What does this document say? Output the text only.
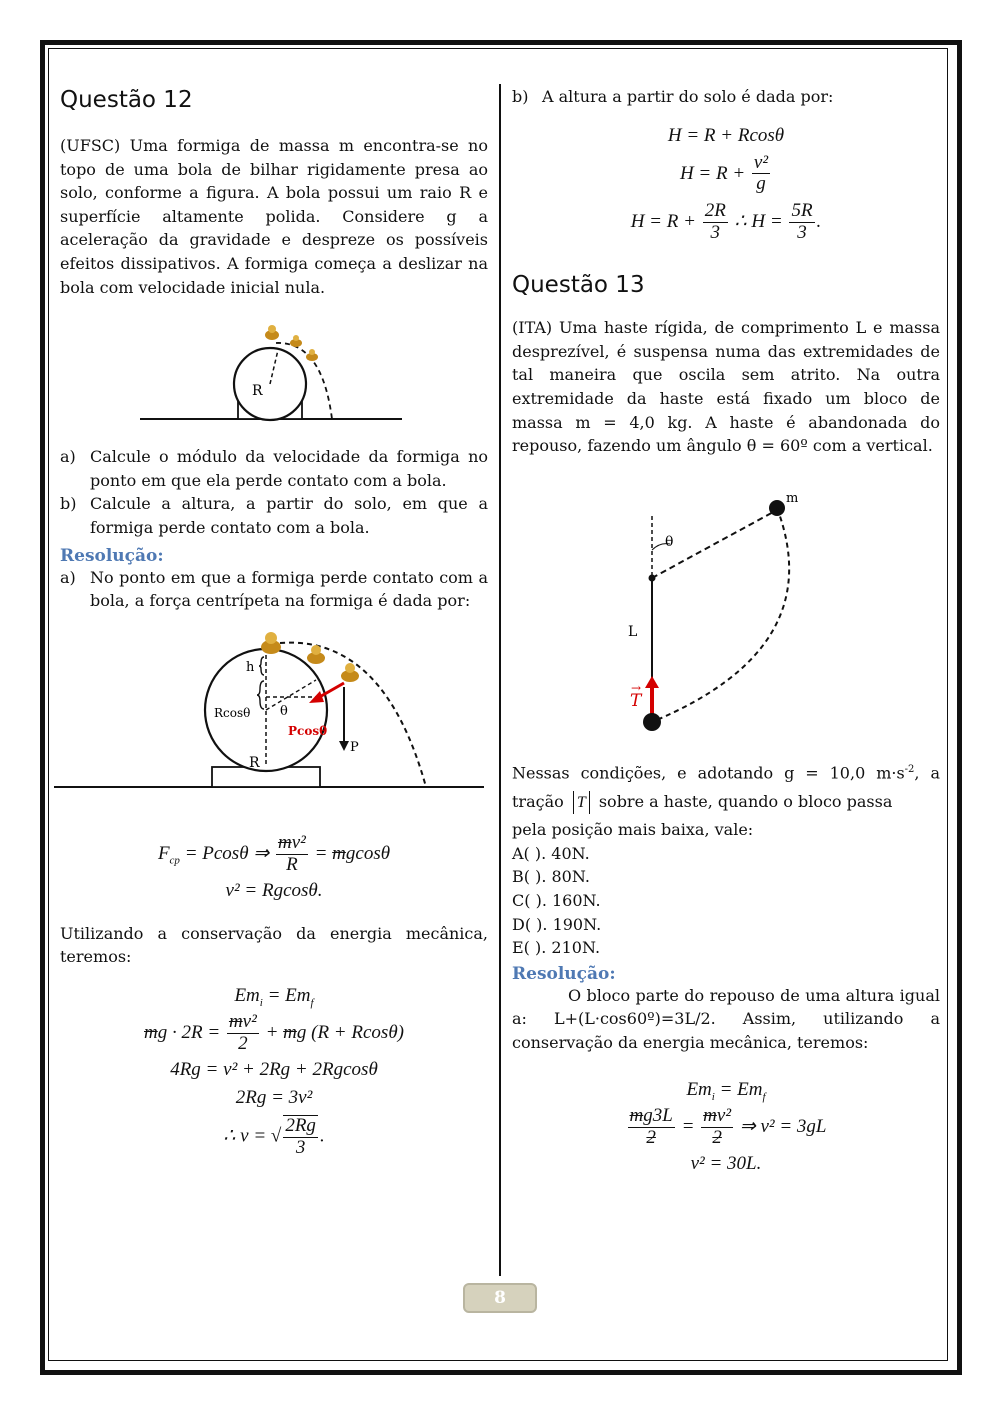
Questão 12

(UFSC) Uma formiga de massa m encontra-se no topo de uma bola de bilhar rigidamente presa ao solo, conforme a figura. A bola possui um raio R e superfície altamente polida. Considere g a aceleração da gravidade e despreze os possíveis efeitos dissipativos. A formiga começa a deslizar na bola com velocidade inicial nula.

R
a) Calcule o módulo da velocidade da formiga no ponto em que ela perde contato com a bola.
b) Calcule a altura, a partir do solo, em que a formiga perde contato com a bola.

Resolução:

a) No ponto em que a formiga perde contato com a bola, a força centrípeta na formiga é dada por:
h
Rcosθ θ
R
Pcosθ
P
$F_{cp} = Pcos\theta$ ⇒ $\frac{\text{mv²}}{R} = mgcos\theta$
v² = Rgcosθ.

Utilizando a conservação da energia mecânica, teremos:

$Em_i = Em_f$
mg · $2R = \frac{\text{mv²}}{2}$ + mg (R + Rcosθ)
4Rg = v² + 2Rg + 2Rgcosθ
2Rg = 3v²
∴ v = √ $\frac{2Rg}{3}$ .
b) A altura a partir do solo é dada por:
H = R + Rcosθ
$H = R + \frac{\text{v²}}{g}$
$H = R + \frac{2R}{3}$ ∴ $H = \frac{5R}{3}$ .
Questão 13

(ITA) Uma haste rígida, de comprimento L e massa desprezível, é suspensa numa das extremidades de tal maneira que oscila sem atrito. Na outra extremidade da haste está fixado um bloco de massa m = 4,0 kg. A haste é abandonada do repouso, fazendo um ângulo θ = 60º com a vertical.

θ
m
L
T
→
Nessas condições, e adotando g = 10,0 $m\cdot s^{-2}$, a tração T sobre a haste, quando o bloco passa

pela posição mais baixa, vale:

A( ). 40N.
B( ). 80N.
C( ). 160N.
D( ). 190N.
E( ). 210N.

Resolução:

O bloco parte do repouso de uma altura igual a: L+(L·cos60º)=3L/2. Assim, utilizando a conservação da energia mecânica, teremos:

$Em_i = Em_f$
$\frac{mg3L}{2} = \frac{\text{mv²}}{2}$ ⇒ v² = 3gL
v² = 30L.
8
